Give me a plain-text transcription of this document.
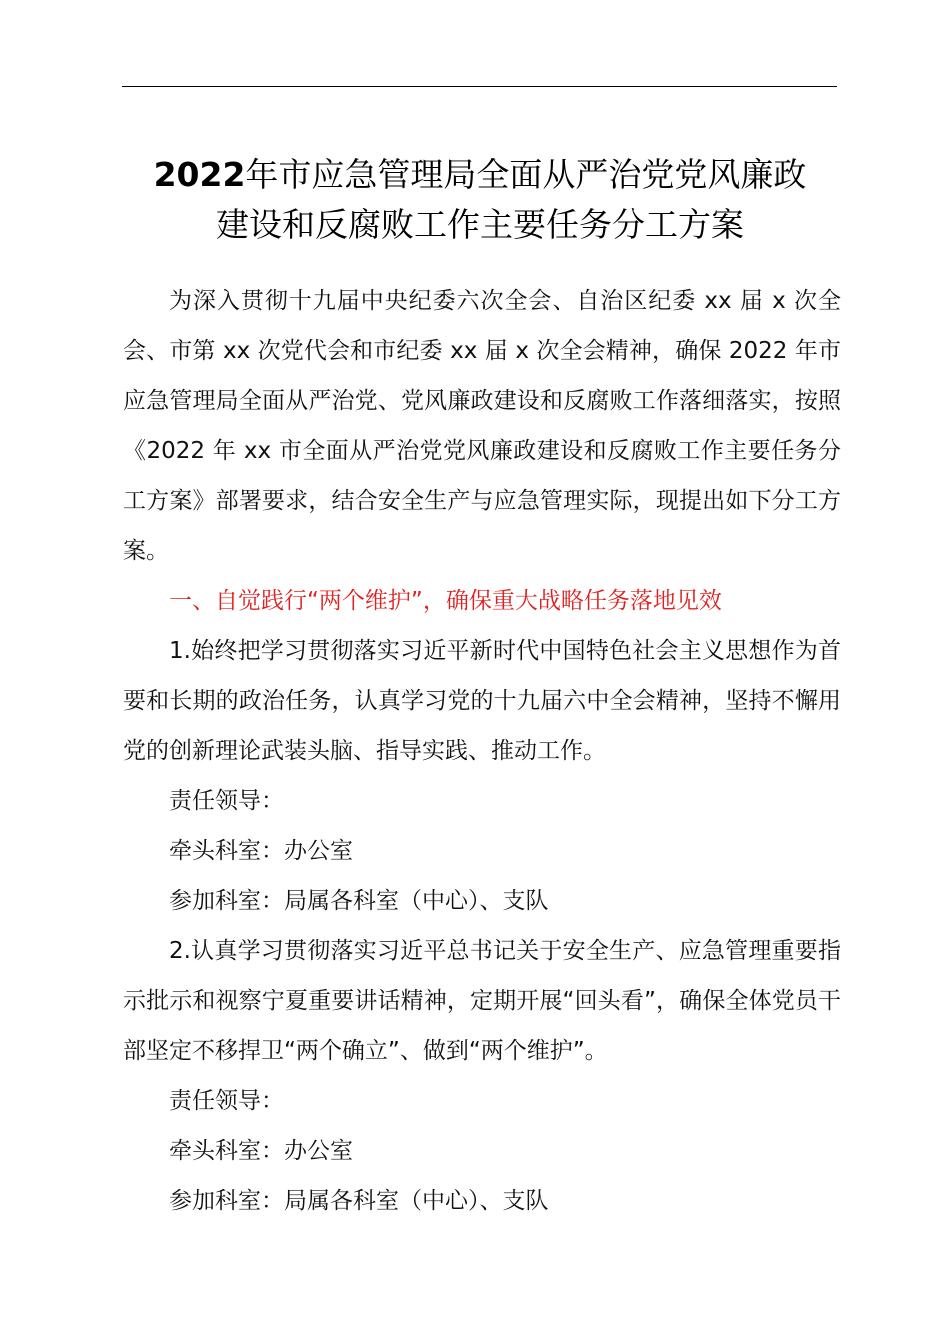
2022年市应急管理局全面从严治党党风廉政
建设和反腐败工作主要任务分工方案

为深入贯彻十九届中央纪委六次全会、自治区纪委 xx 届 x 次全会、市第 xx 次党代会和市纪委 xx 届 x 次全会精神，确保 2022 年市应急管理局全面从严治党、党风廉政建设和反腐败工作落细落实，按照《2022 年 xx 市全面从严治党党风廉政建设和反腐败工作主要任务分工方案》部署要求，结合安全生产与应急管理实际，现提出如下分工方案。

一、自觉践行“两个维护”，确保重大战略任务落地见效

1.始终把学习贯彻落实习近平新时代中国特色社会主义思想作为首要和长期的政治任务，认真学习党的十九届六中全会精神，坚持不懈用党的创新理论武装头脑、指导实践、推动工作。

责任领导：

牵头科室：办公室

参加科室：局属各科室（中心）、支队

2.认真学习贯彻落实习近平总书记关于安全生产、应急管理重要指示批示和视察宁夏重要讲话精神，定期开展“回头看”，确保全体党员干部坚定不移捍卫“两个确立”、做到“两个维护”。

责任领导：

牵头科室：办公室

参加科室：局属各科室（中心）、支队
